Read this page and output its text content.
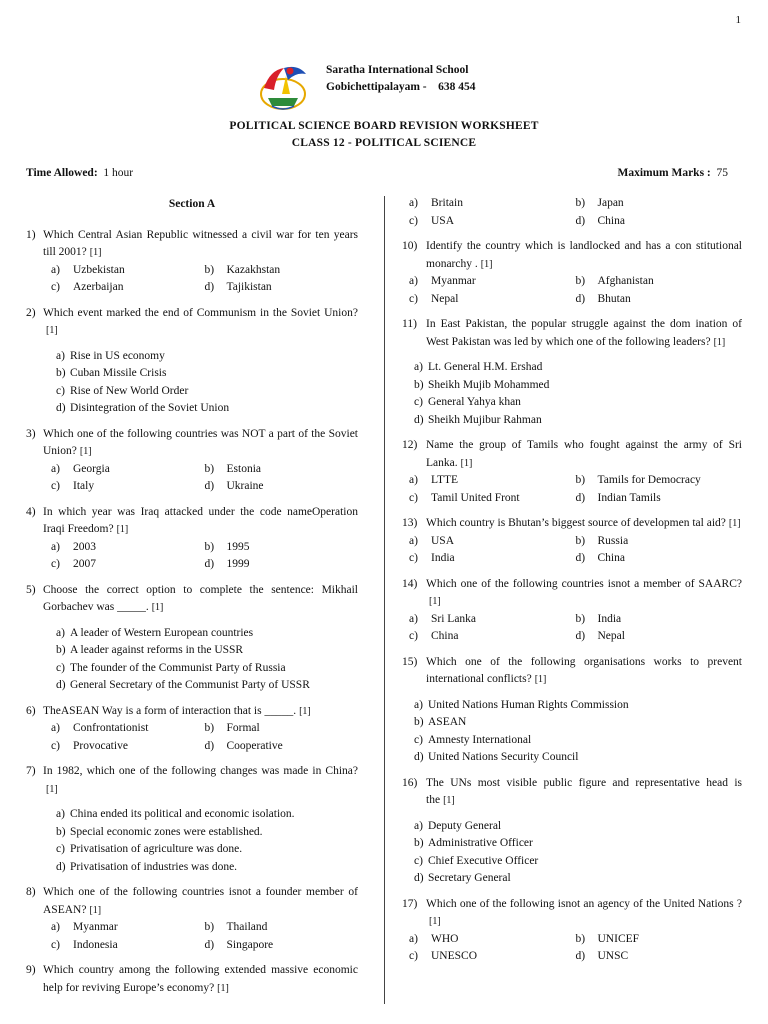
1
Saratha International School
Gobichettipalayam - 638 454
POLITICAL SCIENCE BOARD REVISION WORKSHEET
CLASS 12 - POLITICAL SCIENCE
Time Allowed: 1 hour	Maximum Marks : 75
Section A
1) Which Central Asian Republic witnessed a civil war for ten years till 2001? [1]
a) Uzbekistan	b) Kazakhstan
c) Azerbaijan	d) Tajikistan
2) Which event marked the end of Communism in the Soviet Union?[1]
a) Rise in US economy
b) Cuban Missile Crisis
c) Rise of New World Order
d) Disintegration of the Soviet Union
3) Which one of the following countries was NOT a part of the Soviet Union? [1]
a) Georgia	b) Estonia
c) Italy	d) Ukraine
4) In which year was Iraq attacked under the code nameOperation Iraqi Freedom? [1]
a) 2003	b) 1995
c) 2007	d) 1999
5) Choose the correct option to complete the sentence: Mikhail Gorbachev was _____. [1]
a) A leader of Western European countries
b) A leader against reforms in the USSR
c) The founder of the Communist Party of Russia
d) General Secretary of the Communist Party of USSR
6) TheASEAN Way is a form of interaction that is _____. [1]
a) Confrontationist	b) Formal
c) Provocative	d) Cooperative
7) In 1982, which one of the following changes was made in China?[1]
a) China ended its political and economic isolation.
b) Special economic zones were established.
c) Privatisation of agriculture was done.
d) Privatisation of industries was done.
8) Which one of the following countries isnot a founder member of ASEAN? [1]
a) Myanmar	b) Thailand
c) Indonesia	d) Singapore
9) Which country among the following extended massive economic help for reviving Europe’s economy? [1]
a) Britain	b) Japan
c) USA	d) China
10) Identify the country which is landlocked and has a con stitutional monarchy . [1]
a) Myanmar	b) Afghanistan
c) Nepal	d) Bhutan
11) In East Pakistan, the popular struggle against the dom ination of West Pakistan was led by which one of the following leaders? [1]
a) Lt. General H.M. Ershad
b) Sheikh Mujib Mohammed
c) General Yahya khan
d) Sheikh Mujibur Rahman
12) Name the group of Tamils who fought against the army of Sri Lanka. [1]
a) LTTE	b) Tamils for Democracy
c) Tamil United Front	d) Indian Tamils
13) Which country is Bhutan’s biggest source of developmen tal aid? [1]
a) USA	b) Russia
c) India	d) China
14) Which one of the following countries isnot a member of SAARC?[1]
a) Sri Lanka	b) India
c) China	d) Nepal
15) Which one of the following organisations works to prevent international conflicts? [1]
a) United Nations Human Rights Commission
b) ASEAN
c) Amnesty International
d) United Nations Security Council
16) The UNs most visible public figure and representative head is the [1]
a) Deputy General
b) Administrative Officer
c) Chief Executive Officer
d) Secretary General
17) Which one of the following isnot an agency of the United Nations ?[1]
a) WHO	b) UNICEF
c) UNESCO	d) UNSC
